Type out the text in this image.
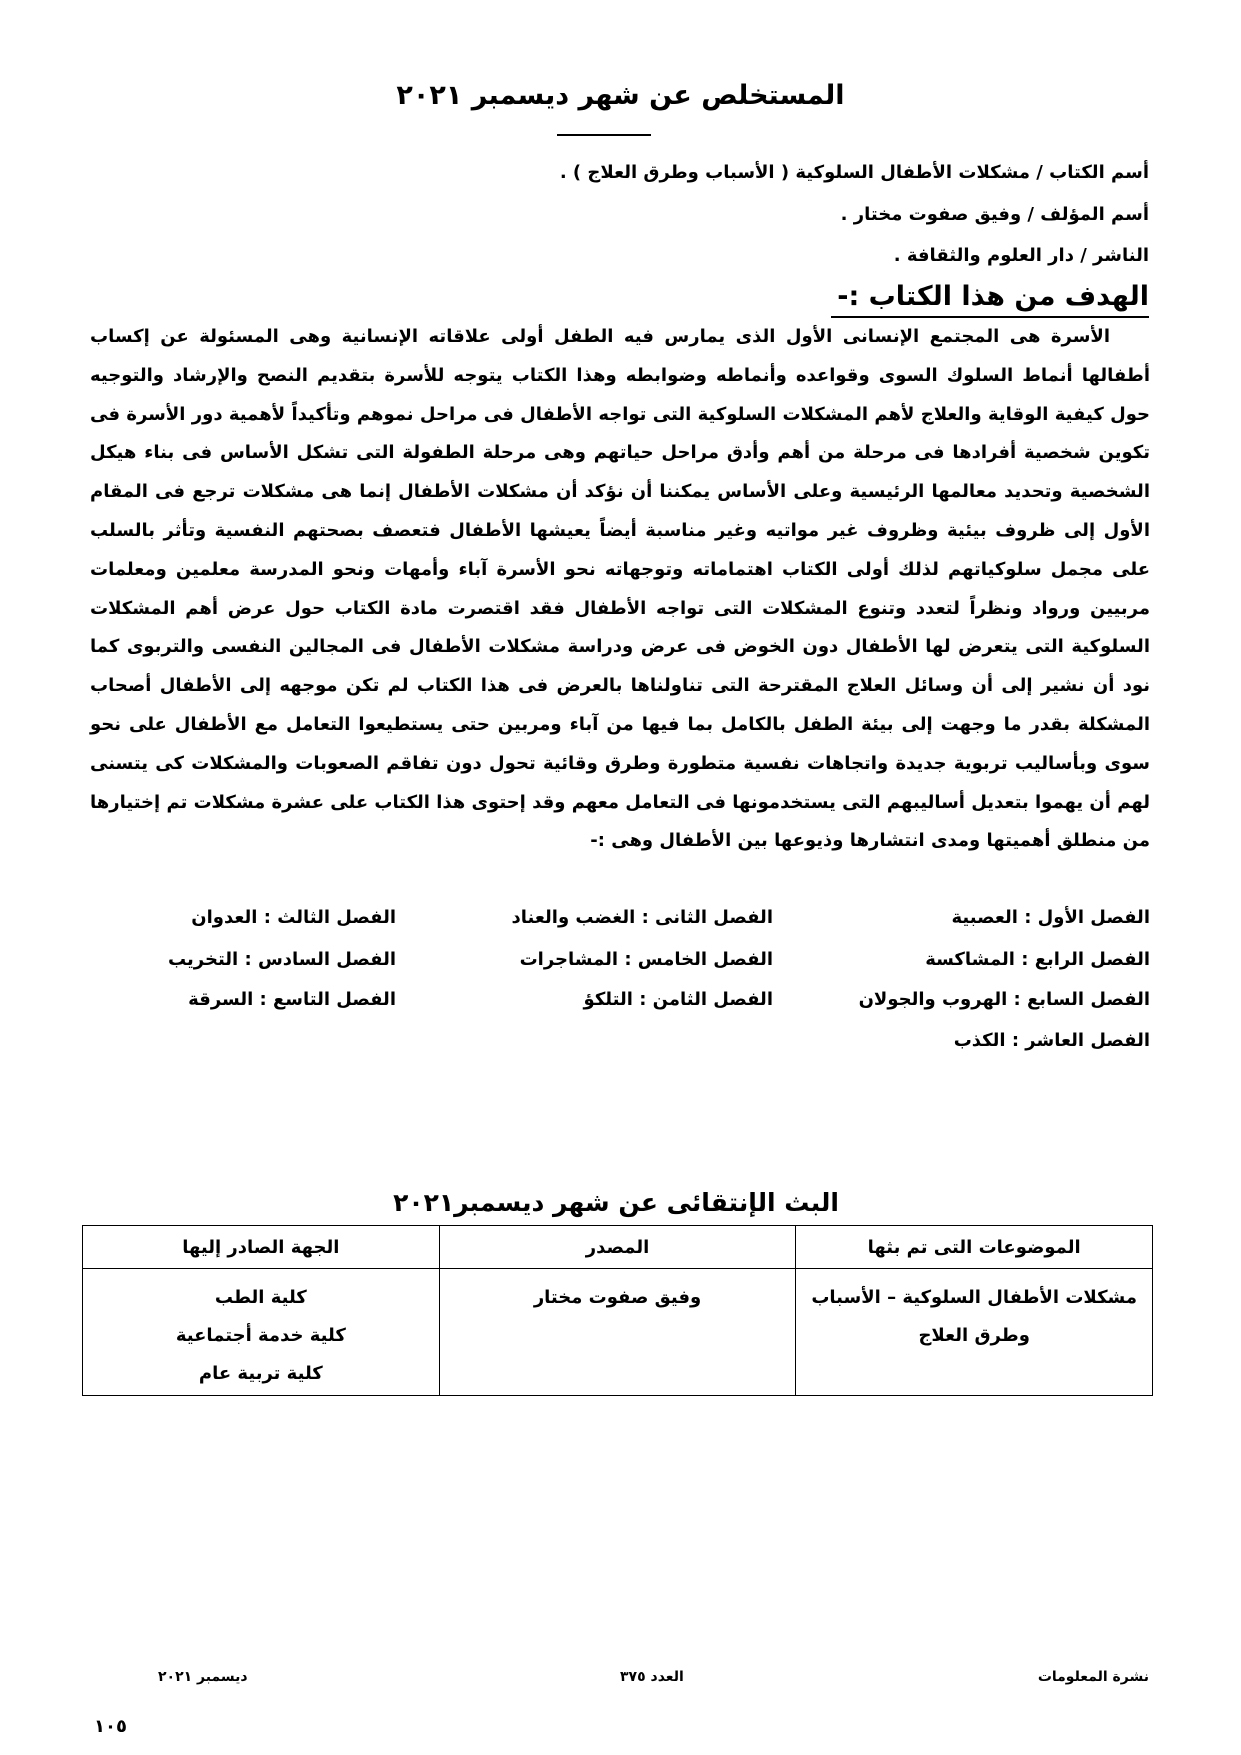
المستخلص عن شهر ديسمبر ٢٠٢١
أسم الكتاب / مشكلات الأطفال السلوكية ( الأسباب وطرق العلاج ) .
أسم المؤلف / وفيق صفوت مختار .
الناشر / دار العلوم والثقافة .
الهدف من هذا الكتاب :-
الأسرة هى المجتمع الإنسانى الأول الذى يمارس فيه الطفل أولى علاقاته الإنسانية وهى المسئولة عن إكساب أطفالها أنماط السلوك السوى وقواعده وأنماطه وضوابطه وهذا الكتاب يتوجه للأسرة بتقديم النصح والإرشاد والتوجيه حول كيفية الوقاية والعلاج لأهم المشكلات السلوكية التى تواجه الأطفال فى مراحل نموهم وتأكيداً لأهمية دور الأسرة فى تكوين شخصية أفرادها فى مرحلة من أهم وأدق مراحل حياتهم وهى مرحلة الطفولة التى تشكل الأساس فى بناء هيكل الشخصية وتحديد معالمها الرئيسية وعلى الأساس يمكننا أن نؤكد أن مشكلات الأطفال إنما هى مشكلات ترجع فى المقام الأول إلى ظروف بيئية وظروف غير مواتيه وغير مناسبة أيضاً يعيشها الأطفال فتعصف بصحتهم النفسية وتأثر بالسلب على مجمل سلوكياتهم لذلك أولى الكتاب اهتماماته وتوجهاته نحو الأسرة آباء وأمهات ونحو المدرسة معلمين ومعلمات مربيين ورواد ونظراً لتعدد وتنوع المشكلات التى تواجه الأطفال فقد اقتصرت مادة الكتاب حول عرض أهم المشكلات السلوكية التى يتعرض لها الأطفال دون الخوض فى عرض ودراسة مشكلات الأطفال فى المجالين النفسى والتربوى كما نود أن نشير إلى أن وسائل العلاج المقترحة التى تناولناها بالعرض فى هذا الكتاب لم تكن موجهه إلى الأطفال أصحاب المشكلة بقدر ما وجهت إلى بيئة الطفل بالكامل بما فيها من آباء ومربين حتى يستطيعوا التعامل مع الأطفال على نحو سوى وبأساليب تربوية جديدة واتجاهات نفسية متطورة وطرق وقائية تحول دون تفاقم الصعوبات والمشكلات كى يتسنى لهم أن يهموا بتعديل أساليبهم التى يستخدمونها فى التعامل معهم وقد إحتوى هذا الكتاب على عشرة مشكلات تم إختيارها من منطلق أهميتها ومدى انتشارها وذيوعها بين الأطفال وهى :-
الفصل الأول : العصبية
الفصل الثانى : الغضب والعناد
الفصل الثالث : العدوان
الفصل الرابع : المشاكسة
الفصل الخامس : المشاجرات
الفصل السادس : التخريب
الفصل السابع : الهروب والجولان
الفصل الثامن : التلكؤ
الفصل التاسع : السرقة
الفصل العاشر : الكذب
البث الإنتقائى عن شهر ديسمبر٢٠٢١
الموضوعات التى تم بثها	المصدر	الجهة الصادر إليها

مشكلات الأطفال السلوكية – الأسباب
وطرق العلاج	وفيق صفوت مختار	كلية الطب
كلية خدمة أجتماعية
كلية تربية عام
نشرة المعلومات
العدد ٣٧٥
ديسمبر ٢٠٢١
١٠٥
